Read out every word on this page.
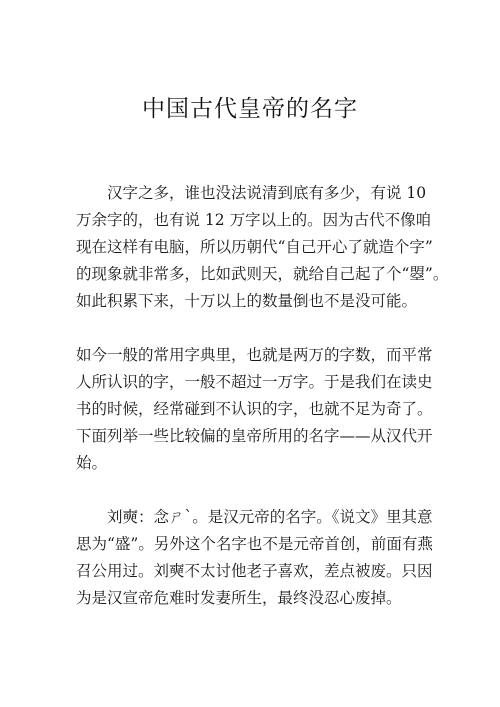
中国古代皇帝的名字

汉字之多，谁也没法说清到底有多少，有说 10
万余字的，也有说 12 万字以上的。因为古代不像咱
现在这样有电脑，所以历朝代“自己开心了就造个字”
的现象就非常多，比如武则天，就给自己起了个“曌”。
如此积累下来，十万以上的数量倒也不是没可能。

如今一般的常用字典里，也就是两万的字数，而平常
人所认识的字，一般不超过一万字。于是我们在读史
书的时候，经常碰到不认识的字，也就不足为奇了。
下面列举一些比较偏的皇帝所用的名字——从汉代开
始。

刘奭：念ㄕˋ。是汉元帝的名字。《说文》里其意
思为“盛”。另外这个名字也不是元帝首创，前面有燕
召公用过。刘奭不太讨他老子喜欢，差点被废。只因
为是汉宣帝危难时发妻所生，最终没忍心废掉。
